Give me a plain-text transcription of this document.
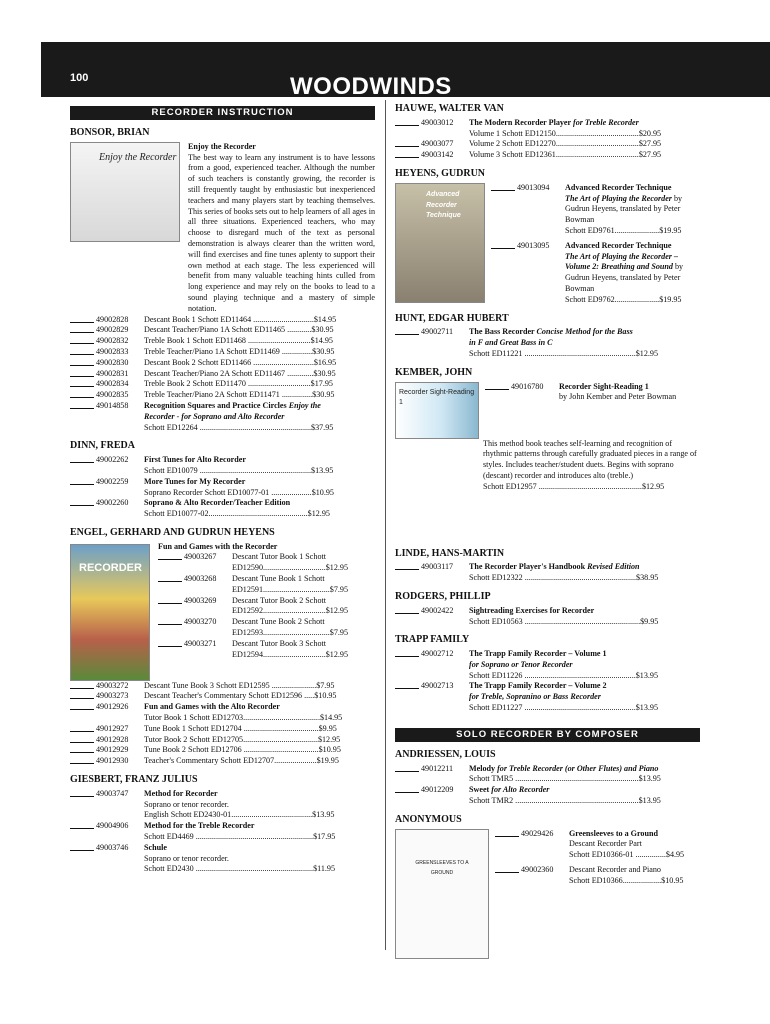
100	WOODWINDS
RECORDER INSTRUCTION
BONSOR, BRIAN
Enjoy the Recorder

Enjoy the Recorder

The best way to learn any instrument is to have lessons from a good, experienced teacher. Although the number of such teachers is constantly growing, the recorder is still frequently taught by enthusiastic but inexperienced teachers and many players start by teaching themselves. This series of books sets out to help learners of all ages in all three situations. Experienced teachers, who may choose to disregard much of the text as personal demonstration is always clearer than the written word, will find exercises and fine tunes aplenty to support their own method at each stage. The less experienced will benefit from many valuable teaching hints culled from long experience and may rely on the books to lead to a sound playing technique and a mastery of simple notation.

49002828	Descant Book 1 Schott ED11464 ..............................$14.95
49002829	Descant Teacher/Piano 1A Schott ED11465 ............$30.95
49002832	Treble Book 1 Schott ED11468 ...............................$14.95
49002833	Treble Teacher/Piano 1A Schott ED11469 ...............$30.95
49002830	Descant Book 2 Schott ED11466 ..............................$16.95
49002831	Descant Teacher/Piano 2A Schott ED11467 .............$30.95
49002834	Treble Book 2 Schott ED11470 ...............................$17.95
49002835	Treble Teacher/Piano 2A Schott ED11471 ...............$30.95
49014858	Recognition Squares and Practice Circles Enjoy the
Recorder - for Soprano and Alto Recorder
Schott ED12264 .......................................................$37.95
DINN, FREDA
49002262	First Tunes for Alto Recorder
Schott ED10079 .......................................................$13.95
49002259	More Tunes for My Recorder
Soprano Recorder Schott ED10077-01 ....................$10.95
49002260	Soprano & Alto Recorder/Teacher Edition
Schott ED10077-02.................................................$12.95
ENGEL, GERHARD AND GUDRUN HEYENS
RECORDER

Fun and Games with the Recorder

49003267	Descant Tutor Book 1 Schott
ED12590...............................$12.95
49003268	Descant Tune Book 1 Schott
ED12591.................................$7.95
49003269	Descant Tutor Book 2 Schott
ED12592...............................$12.95
49003270	Descant Tune Book 2 Schott
ED12593.................................$7.95
49003271	Descant Tutor Book 3 Schott
ED12594...............................$12.95
49003272	Descant Tune Book 3 Schott ED12595 ......................$7.95
49003273	Descant Teacher's Commentary Schott ED12596 .....$10.95
49012926	Fun and Games with the Alto Recorder
Tutor Book 1 Schott ED12703......................................$14.95
49012927	Tune Book 1 Schott ED12704 .....................................$9.95
49012928	Tutor Book 2 Schott ED12705.....................................$12.95
49012929	Tune Book 2 Schott ED12706 .....................................$10.95
49012930	Teacher's Commentary Schott ED12707.....................$19.95
GIESBERT, FRANZ JULIUS
49003747	Method for Recorder
Soprano or tenor recorder.
English Schott ED2430-01........................................$13.95
49004906	Method for the Treble Recorder
Schott ED4469 ..........................................................$17.95
49003746	Schule
Soprano or tenor recorder.
Schott ED2430 ..........................................................$11.95
HAUWE, WALTER VAN
49003012	The Modern Recorder Player for Treble Recorder
Volume 1 Schott ED12150.........................................$20.95
49003077	Volume 2 Schott ED12270.........................................$27.95
49003142	Volume 3 Schott ED12361.........................................$27.95
HEYENS, GUDRUN
Advanced Recorder Technique
49013094	Advanced Recorder Technique
The Art of Playing the Recorder by
Gudrun Heyens, translated by Peter
Bowman
Schott ED9761......................$19.95
49013095	Advanced Recorder Technique
The Art of Playing the Recorder –
Volume 2: Breathing and Sound by
Gudrun Heyens, translated by Peter
Bowman
Schott ED9762......................$19.95
HUNT, EDGAR HUBERT
49002711	The Bass Recorder Concise Method for the Bass
in F and Great Bass in C
Schott ED11221 .......................................................$12.95
KEMBER, JOHN
Recorder Sight-Reading 1
49016780	Recorder Sight-Reading 1
by John Kember and Peter Bowman

This method book teaches self-learning and recognition of rhythmic patterns through carefully graduated pieces in a range of styles. Includes teacher/student duets. Begins with soprano (descant) recorder and introduces alto (treble.)

Schott ED12957 ...................................................$12.95

LINDE, HANS-MARTIN
49003117	The Recorder Player's Handbook Revised Edition
Schott ED12322 .......................................................$38.95
RODGERS, PHILLIP
49002422	Sightreading Exercises for Recorder
Schott ED10563 .........................................................$9.95
TRAPP FAMILY
49002712	The Trapp Family Recorder – Volume 1
for Soprano or Tenor Recorder
Schott ED11226 .......................................................$13.95
49002713	The Trapp Family Recorder – Volume 2
for Treble, Sopranino or Bass Recorder
Schott ED11227 .......................................................$13.95
SOLO RECORDER BY COMPOSER
ANDRIESSEN, LOUIS
49012211	Melody for Treble Recorder (or Other Flutes) and Piano
Schott TMR5 .............................................................$13.95
49012209	Sweet for Alto Recorder
Schott TMR2 .............................................................$13.95
ANONYMOUS
GREENSLEEVES TO A GROUND
49029426	Greensleeves to a Ground
Descant Recorder Part
Schott ED10366-01 ...............$4.95
49002360	Descant Recorder and Piano
Schott ED10366...................$10.95
